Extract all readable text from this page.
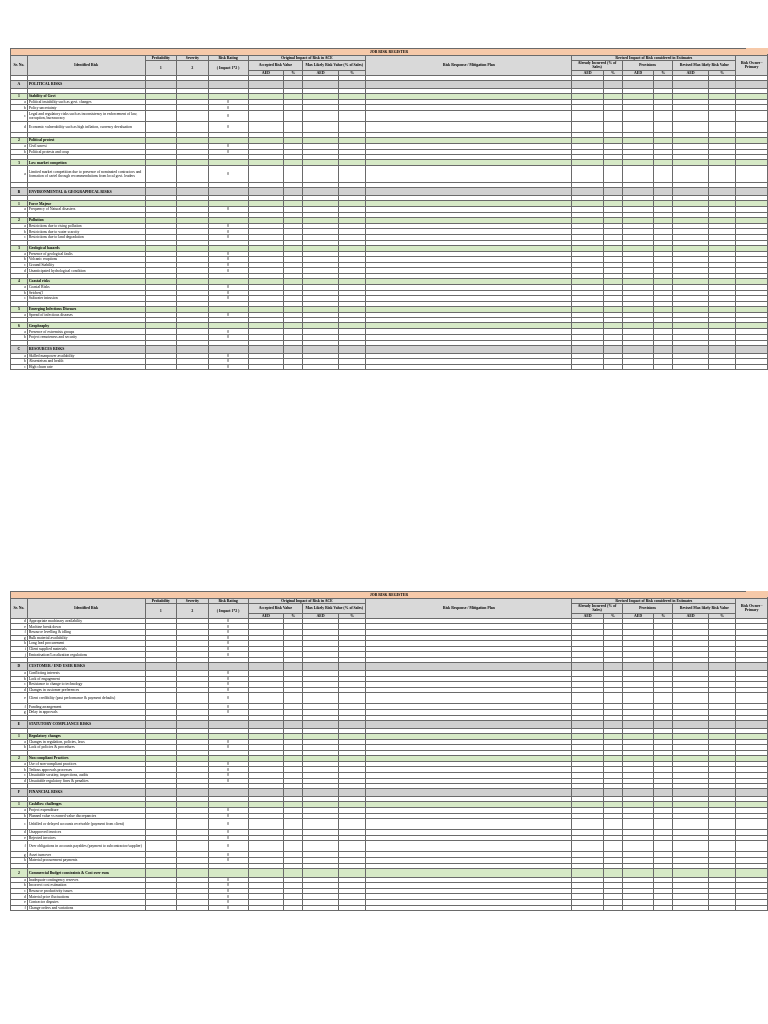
JOB RISK REGISTER																
Sr. No.	Identified Risk	Probability	Severity	Risk Rating	Original Impact of Risk in ACE				Risk Response / Mitigation Plan	Revised Impact of Risk considered in Estimates						Risk Owner - Primary
		1	2	( Impact 1*2 )	Accepted Risk Value		Max Likely Risk Value (% of Sales)			Already Incurred (% of Sales)		Provisions		Revised Max likely Risk Value		
					AED	%	AED	%		AED	%	AED	%	AED	%	

A	POLITICAL RISKS															

1	Stability of Govt															
a	Political instability such as govt. changes			0												
b	Policy uncertainty			0												
c	Legal and regulatory risks such as inconsistency in enforcement of law, corruption, bureaucracy			0												
d	Economic vulnerability such as high inflation, currency devaluation			0												

2	Political protest															
a	Civil unrest			0												
b	Political protests and coup			0												

3	Low market competion															
a	Limited market competition due to presence of nominated contractors and formation of cartel through recommendations from local govt. leaders			0												

B	ENVIRONMENTAL & GEOGRAPHICAL RISKS															

1	Force Majeur															
a	Frequency of Natural disasters			0												

2	Pollution															
a	Restrictions due to rising pollution			0												
b	Restrictions due to water scarcity			0												
c	Restrictions due to land degradation			0												

3	Geological hazards															
a	Presence of geological faults			0												
b	Volcanic eruptions			0												
c	Ground Stability			0												
d	Unanticipated hydrological condition			0												

4	Coastal risks															
a	Coastal Risks			0												
b	Seiches(l			0												
c	Saltwater intrusion			0												

5	Emerging Infectious Diseases															
a	Spread of infectious diseases			0												

6	Geophraphy															
a	Presence of extremists groups			0												
b	Project remoteness and security			0												

C	RESOURCES RISKS															
a	Skilled manpower availability			0												
b	Absenteism and health			0												
c	High churn rate			0												
JOB RISK REGISTER																
Sr. No.	Identified Risk	Probability	Severity	Risk Rating	Original Impact of Risk in ACE				Risk Response / Mitigation Plan	Revised Impact of Risk considered in Estimates						Risk Owner - Primary
		1	2	( Impact 1*2 )	Accepted Risk Value		Max Likely Risk Value (% of Sales)			Already Incurred (% of Sales)		Provisions		Revised Max likely Risk Value		
					AED	%	AED	%		AED	%	AED	%	AED	%	
d	Appropriate machinary availability			0												
e	Machine break down			0												
f	Resource levelling & idling			0												
g	Bulk material availability			0												
h	Long lead procurement			0												
i	Client supplied materials			0												
j	Emiratisation/Localization regulations			0												

D	CUSTOMER / END USER RISKS															
a	Conflicting interests			0												
b	Lack of engagement			0												
c	Resistance to change to technology			0												
d	Changes in customer preferences			0												
e	Client credibility (past performance & payment defaults)			0												
f	Funding arrangement			0												
g	Delay in approvals			0												

E	STATUTORY COMPLIANCE RISKS															

1	Regulatory changes															
a	Changes in regulation, policies, laws			0												
b	Lack of policies & procedures			0												

2	Non compliant Practices															
a	Use of non-compliant practices			0												
b	Tedious approvals processes			0												
c	Unsuitable scrutiny, inspections, audits			0												
d	Unsuitable regulatory fines & penalties			0												

F	FINANCIAL RISKS															

1	Cashflow challenges															
a	Project expenditure			0												
b	Planned value vs earned value discrepancies			0												
c	Unbilled or delayed accounts receivable (payment from client)			0												
d	Unapproved invoices			0												
e	Rejected invoices			0												
f	Over obligations in accounts payables (payment to subcontractor/supplier)			0												
g	Asset turnover			0												
h	Material procurement payments			0												

2	Commercial Budget constraints & Cost over runs															
a	Inadequate contingency reserves			0												
b	Incorrect cost estimation			0												
c	Resource productivity issues			0												
d	Material price fluctuations			0												
e	Contractor disputes			0												
f	Change orders and variations			0												
